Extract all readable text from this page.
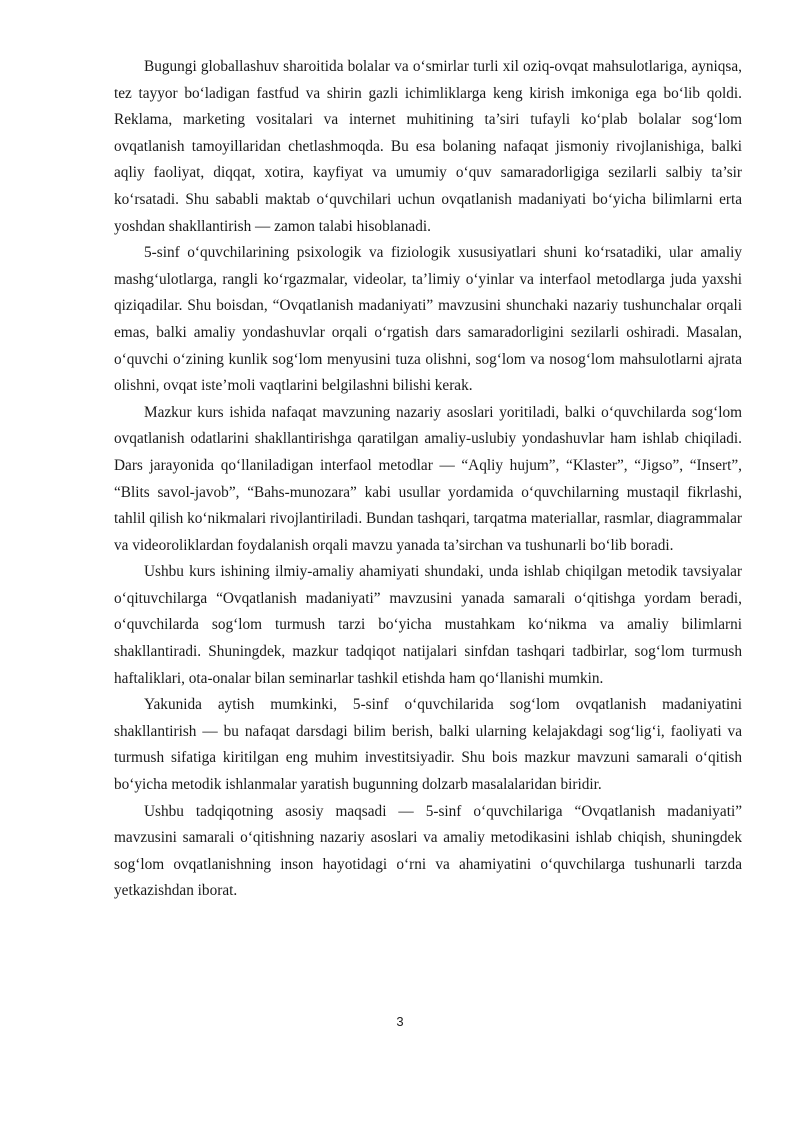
Bugungi globallashuv sharoitida bolalar va o‘smirlar turli xil oziq-ovqat mahsulotlariga, ayniqsa, tez tayyor bo‘ladigan fastfud va shirin gazli ichimliklarga keng kirish imkoniga ega bo‘lib qoldi. Reklama, marketing vositalari va internet muhitining ta’siri tufayli ko‘plab bolalar sog‘lom ovqatlanish tamoyillaridan chetlashmoqda. Bu esa bolaning nafaqat jismoniy rivojlanishiga, balki aqliy faoliyat, diqqat, xotira, kayfiyat va umumiy o‘quv samaradorligiga sezilarli salbiy ta’sir ko‘rsatadi. Shu sababli maktab o‘quvchilari uchun ovqatlanish madaniyati bo‘yicha bilimlarni erta yoshdan shakllantirish — zamon talabi hisoblanadi.

5-sinf o‘quvchilarining psixologik va fiziologik xususiyatlari shuni ko‘rsatadiki, ular amaliy mashg‘ulotlarga, rangli ko‘rgazmalar, videolar, ta’limiy o‘yinlar va interfaol metodlarga juda yaxshi qiziqadilar. Shu boisdan, “Ovqatlanish madaniyati” mavzusini shunchaki nazariy tushunchalar orqali emas, balki amaliy yondashuvlar orqali o‘rgatish dars samaradorligini sezilarli oshiradi. Masalan, o‘quvchi o‘zining kunlik sog‘lom menyusini tuza olishni, sog‘lom va nosog‘lom mahsulotlarni ajrata olishni, ovqat iste’moli vaqtlarini belgilashni bilishi kerak.

Mazkur kurs ishida nafaqat mavzuning nazariy asoslari yoritiladi, balki o‘quvchilarda sog‘lom ovqatlanish odatlarini shakllantirishga qaratilgan amaliy-uslubiy yondashuvlar ham ishlab chiqiladi. Dars jarayonida qo‘llaniladigan interfaol metodlar — “Aqliy hujum”, “Klaster”, “Jigso”, “Insert”, “Blits savol-javob”, “Bahs-munozara” kabi usullar yordamida o‘quvchilarning mustaqil fikrlashi, tahlil qilish ko‘nikmalari rivojlantiriladi. Bundan tashqari, tarqatma materiallar, rasmlar, diagrammalar va videoroliklardan foydalanish orqali mavzu yanada ta’sirchan va tushunarli bo‘lib boradi.

Ushbu kurs ishining ilmiy-amaliy ahamiyati shundaki, unda ishlab chiqilgan metodik tavsiyalar o‘qituvchilarga “Ovqatlanish madaniyati” mavzusini yanada samarali o‘qitishga yordam beradi, o‘quvchilarda sog‘lom turmush tarzi bo‘yicha mustahkam ko‘nikma va amaliy bilimlarni shakllantiradi. Shuningdek, mazkur tadqiqot natijalari sinfdan tashqari tadbirlar, sog‘lom turmush haftaliklari, ota-onalar bilan seminarlar tashkil etishda ham qo‘llanishi mumkin.

Yakunida aytish mumkinki, 5-sinf o‘quvchilarida sog‘lom ovqatlanish madaniyatini shakllantirish — bu nafaqat darsdagi bilim berish, balki ularning kelajakdagi sog‘lig‘i, faoliyati va turmush sifatiga kiritilgan eng muhim investitsiyadir. Shu bois mazkur mavzuni samarali o‘qitish bo‘yicha metodik ishlanmalar yaratish bugunning dolzarb masalalaridan biridir.

Ushbu tadqiqotning asosiy maqsadi — 5-sinf o‘quvchilariga “Ovqatlanish madaniyati” mavzusini samarali o‘qitishning nazariy asoslari va amaliy metodikasini ishlab chiqish, shuningdek sog‘lom ovqatlanishning inson hayotidagi o‘rni va ahamiyatini o‘quvchilarga tushunarli tarzda yetkazishdan iborat.

3
